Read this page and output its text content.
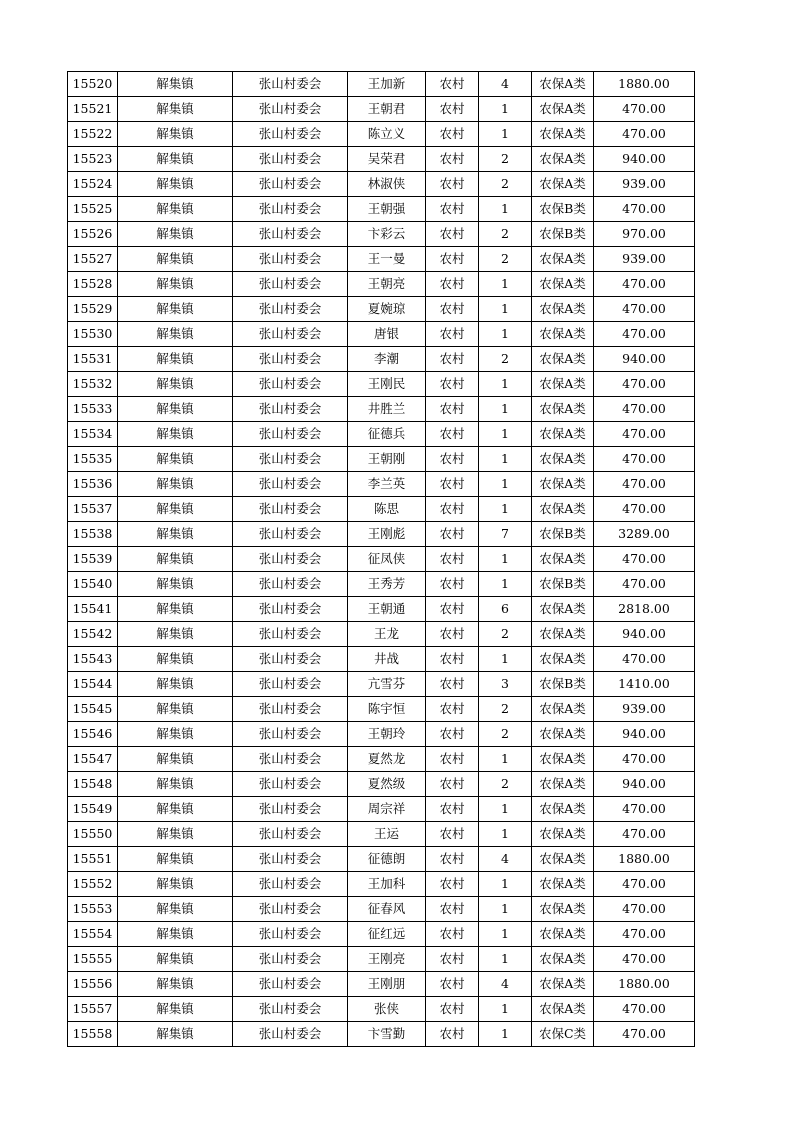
15520	解集镇	张山村委会	王加新	农村	4	农保A类	1880.00
15521	解集镇	张山村委会	王朝君	农村	1	农保A类	470.00
15522	解集镇	张山村委会	陈立义	农村	1	农保A类	470.00
15523	解集镇	张山村委会	吴荣君	农村	2	农保A类	940.00
15524	解集镇	张山村委会	林淑侠	农村	2	农保A类	939.00
15525	解集镇	张山村委会	王朝强	农村	1	农保B类	470.00
15526	解集镇	张山村委会	卞彩云	农村	2	农保B类	970.00
15527	解集镇	张山村委会	王一曼	农村	2	农保A类	939.00
15528	解集镇	张山村委会	王朝亮	农村	1	农保A类	470.00
15529	解集镇	张山村委会	夏婉琼	农村	1	农保A类	470.00
15530	解集镇	张山村委会	唐银	农村	1	农保A类	470.00
15531	解集镇	张山村委会	李潮	农村	2	农保A类	940.00
15532	解集镇	张山村委会	王刚民	农村	1	农保A类	470.00
15533	解集镇	张山村委会	井胜兰	农村	1	农保A类	470.00
15534	解集镇	张山村委会	征德兵	农村	1	农保A类	470.00
15535	解集镇	张山村委会	王朝刚	农村	1	农保A类	470.00
15536	解集镇	张山村委会	李兰英	农村	1	农保A类	470.00
15537	解集镇	张山村委会	陈思	农村	1	农保A类	470.00
15538	解集镇	张山村委会	王刚彪	农村	7	农保B类	3289.00
15539	解集镇	张山村委会	征凤侠	农村	1	农保A类	470.00
15540	解集镇	张山村委会	王秀芳	农村	1	农保B类	470.00
15541	解集镇	张山村委会	王朝通	农村	6	农保A类	2818.00
15542	解集镇	张山村委会	王龙	农村	2	农保A类	940.00
15543	解集镇	张山村委会	井战	农村	1	农保A类	470.00
15544	解集镇	张山村委会	亢雪芬	农村	3	农保B类	1410.00
15545	解集镇	张山村委会	陈宇恒	农村	2	农保A类	939.00
15546	解集镇	张山村委会	王朝玲	农村	2	农保A类	940.00
15547	解集镇	张山村委会	夏然龙	农村	1	农保A类	470.00
15548	解集镇	张山村委会	夏然级	农村	2	农保A类	940.00
15549	解集镇	张山村委会	周宗祥	农村	1	农保A类	470.00
15550	解集镇	张山村委会	王运	农村	1	农保A类	470.00
15551	解集镇	张山村委会	征德朗	农村	4	农保A类	1880.00
15552	解集镇	张山村委会	王加科	农村	1	农保A类	470.00
15553	解集镇	张山村委会	征春风	农村	1	农保A类	470.00
15554	解集镇	张山村委会	征红远	农村	1	农保A类	470.00
15555	解集镇	张山村委会	王刚亮	农村	1	农保A类	470.00
15556	解集镇	张山村委会	王刚朋	农村	4	农保A类	1880.00
15557	解集镇	张山村委会	张侠	农村	1	农保A类	470.00
15558	解集镇	张山村委会	卞雪勤	农村	1	农保C类	470.00
